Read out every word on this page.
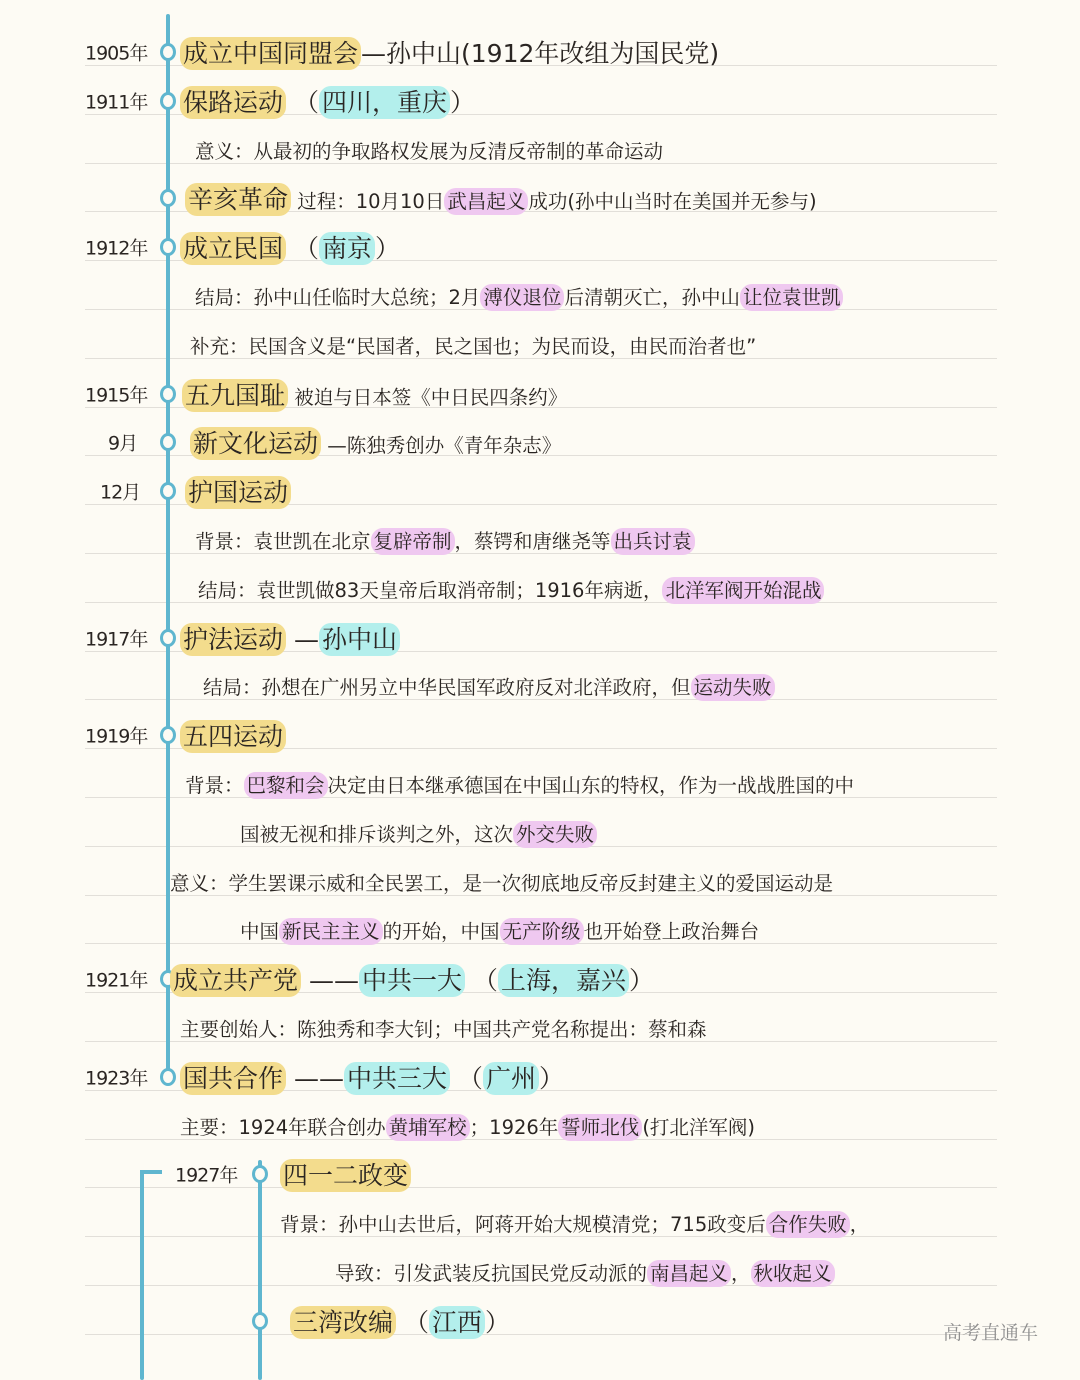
1905年 成立中国同盟会 —孙中山(1912年改组为国民党)
1911年 保路运动 （ 四川，重庆 ）
意义：从最初的争取路权发展为反清反帝制的革命运动
辛亥革命 过程：10月10日 武昌起义 成功(孙中山当时在美国并无参与)
1912年 成立民国 （ 南京 ）
结局：孙中山任临时大总统；2月 溥仪退位 后清朝灭亡，孙中山 让位袁世凯
补充：民国含义是“民国者，民之国也；为民而设，由民而治者也”
1915年 五九国耻 被迫与日本签《中日民四条约》
9月 新文化运动 —陈独秀创办《青年杂志》
12月 护国运动
背景：袁世凯在北京 复辟帝制 ，蔡锷和唐继尧等 出兵讨袁
结局：袁世凯做83天皇帝后取消帝制；1916年病逝， 北洋军阀开始混战
1917年 护法运动 — 孙中山
结局：孙想在广州另立中华民国军政府反对北洋政府，但 运动失败
1919年 五四运动
背景： 巴黎和会 决定由日本继承德国在中国山东的特权，作为一战战胜国的中
国被无视和排斥谈判之外，这次 外交失败
意义：学生罢课示威和全民罢工，是一次彻底地反帝反封建主义的爱国运动是
中国 新民主主义 的开始，中国 无产阶级 也开始登上政治舞台
1921年 成立共产党 —— 中共一大 （ 上海，嘉兴 ）
主要创始人：陈独秀和李大钊；中国共产党名称提出：蔡和森
1923年 国共合作 —— 中共三大 （ 广州 ）
主要：1924年联合创办 黄埔军校 ；1926年 誓师北伐 (打北洋军阀)
1927年 四一二政变
背景：孙中山去世后，阿蒋开始大规模清党；715政变后 合作失败 ，
导致：引发武装反抗国民党反动派的 南昌起义 ， 秋收起义
三湾改编 （ 江西 ）	高考直通车
